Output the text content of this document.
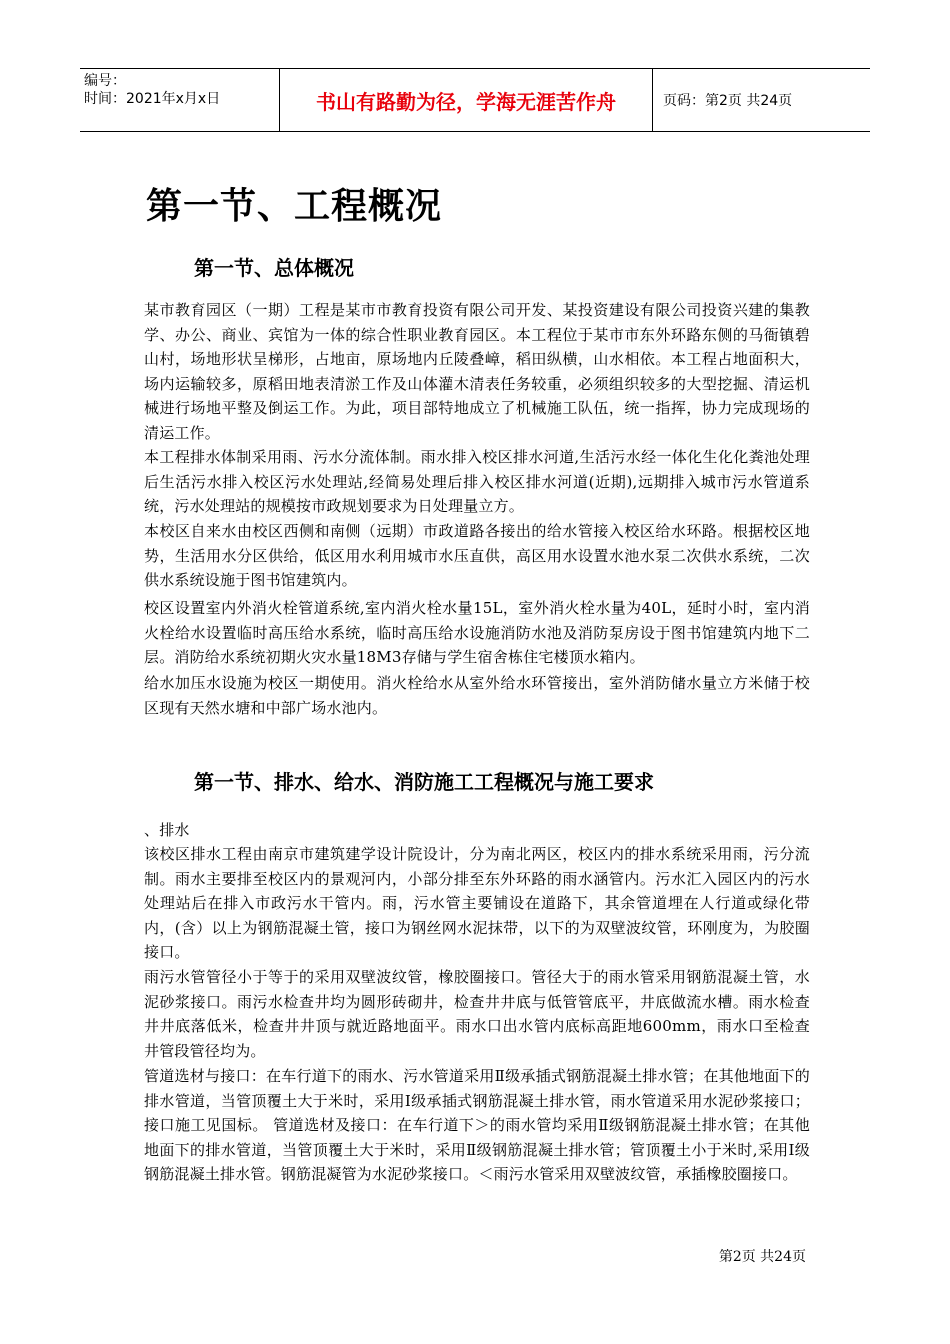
编号：
时间：2021年x月x日	书山有路勤为径，学海无涯苦作舟	页码：第2页 共24页
第一节、工程概况
第一节、总体概况

某市教育园区（一期）工程是某市市教育投资有限公司开发、某投资建设有限公司投资兴建的集教学、办公、商业、宾馆为一体的综合性职业教育园区。本工程位于某市市东外环路东侧的马衙镇碧山村，场地形状呈梯形，占地亩，原场地内丘陵叠嶂，稻田纵横，山水相依。本工程占地面积大，场内运输较多，原稻田地表清淤工作及山体灌木清表任务较重，必须组织较多的大型挖掘、清运机械进行场地平整及倒运工作。为此，项目部特地成立了机械施工队伍，统一指挥，协力完成现场的清运工作。

本工程排水体制采用雨、污水分流体制。雨水排入校区排水河道,生活污水经一体化生化化粪池处理后生活污水排入校区污水处理站,经简易处理后排入校区排水河道(近期),远期排入城市污水管道系统，污水处理站的规模按市政规划要求为日处理量立方。

本校区自来水由校区西侧和南侧（远期）市政道路各接出的给水管接入校区给水环路。根据校区地势，生活用水分区供给，低区用水利用城市水压直供，高区用水设置水池水泵二次供水系统，二次供水系统设施于图书馆建筑内。

校区设置室内外消火栓管道系统,室内消火栓水量15L，室外消火栓水量为40L，延时小时，室内消火栓给水设置临时高压给水系统，临时高压给水设施消防水池及消防泵房设于图书馆建筑内地下二层。消防给水系统初期火灾水量18M3存储与学生宿舍栋住宅楼顶水箱内。

给水加压水设施为校区一期使用。消火栓给水从室外给水环管接出，室外消防储水量立方米储于校区现有天然水塘和中部广场水池内。

第一节、排水、给水、消防施工工程概况与施工要求

、排水

该校区排水工程由南京市建筑建学设计院设计，分为南北两区，校区内的排水系统采用雨，污分流制。雨水主要排至校区内的景观河内，小部分排至东外环路的雨水涵管内。污水汇入园区内的污水处理站后在排入市政污水干管内。雨，污水管主要铺设在道路下，其余管道埋在人行道或绿化带内，(含）以上为钢筋混凝土管，接口为钢丝网水泥抹带，以下的为双壁波纹管，环刚度为，为胶圈接口。

雨污水管管径小于等于的采用双壁波纹管，橡胶圈接口。管径大于的雨水管采用钢筋混凝土管，水泥砂浆接口。雨污水检查井均为圆形砖砌井，检查井井底与低管管底平，井底做流水槽。雨水检查井井底落低米，检查井井顶与就近路地面平。雨水口出水管内底标高距地600mm，雨水口至检查井管段管径均为。

管道选材与接口：在车行道下的雨水、污水管道采用Ⅱ级承插式钢筋混凝土排水管；在其他地面下的排水管道，当管顶覆土大于米时，采用Ⅰ级承插式钢筋混凝土排水管，雨水管道采用水泥砂浆接口；接口施工见国标。 管道选材及接口：在车行道下＞的雨水管均采用Ⅱ级钢筋混凝土排水管；在其他地面下的排水管道，当管顶覆土大于米时，采用Ⅱ级钢筋混凝土排水管；管顶覆土小于米时,采用Ⅰ级钢筋混凝土排水管。钢筋混凝管为水泥砂浆接口。＜雨污水管采用双壁波纹管，承插橡胶圈接口。

第2页 共24页
